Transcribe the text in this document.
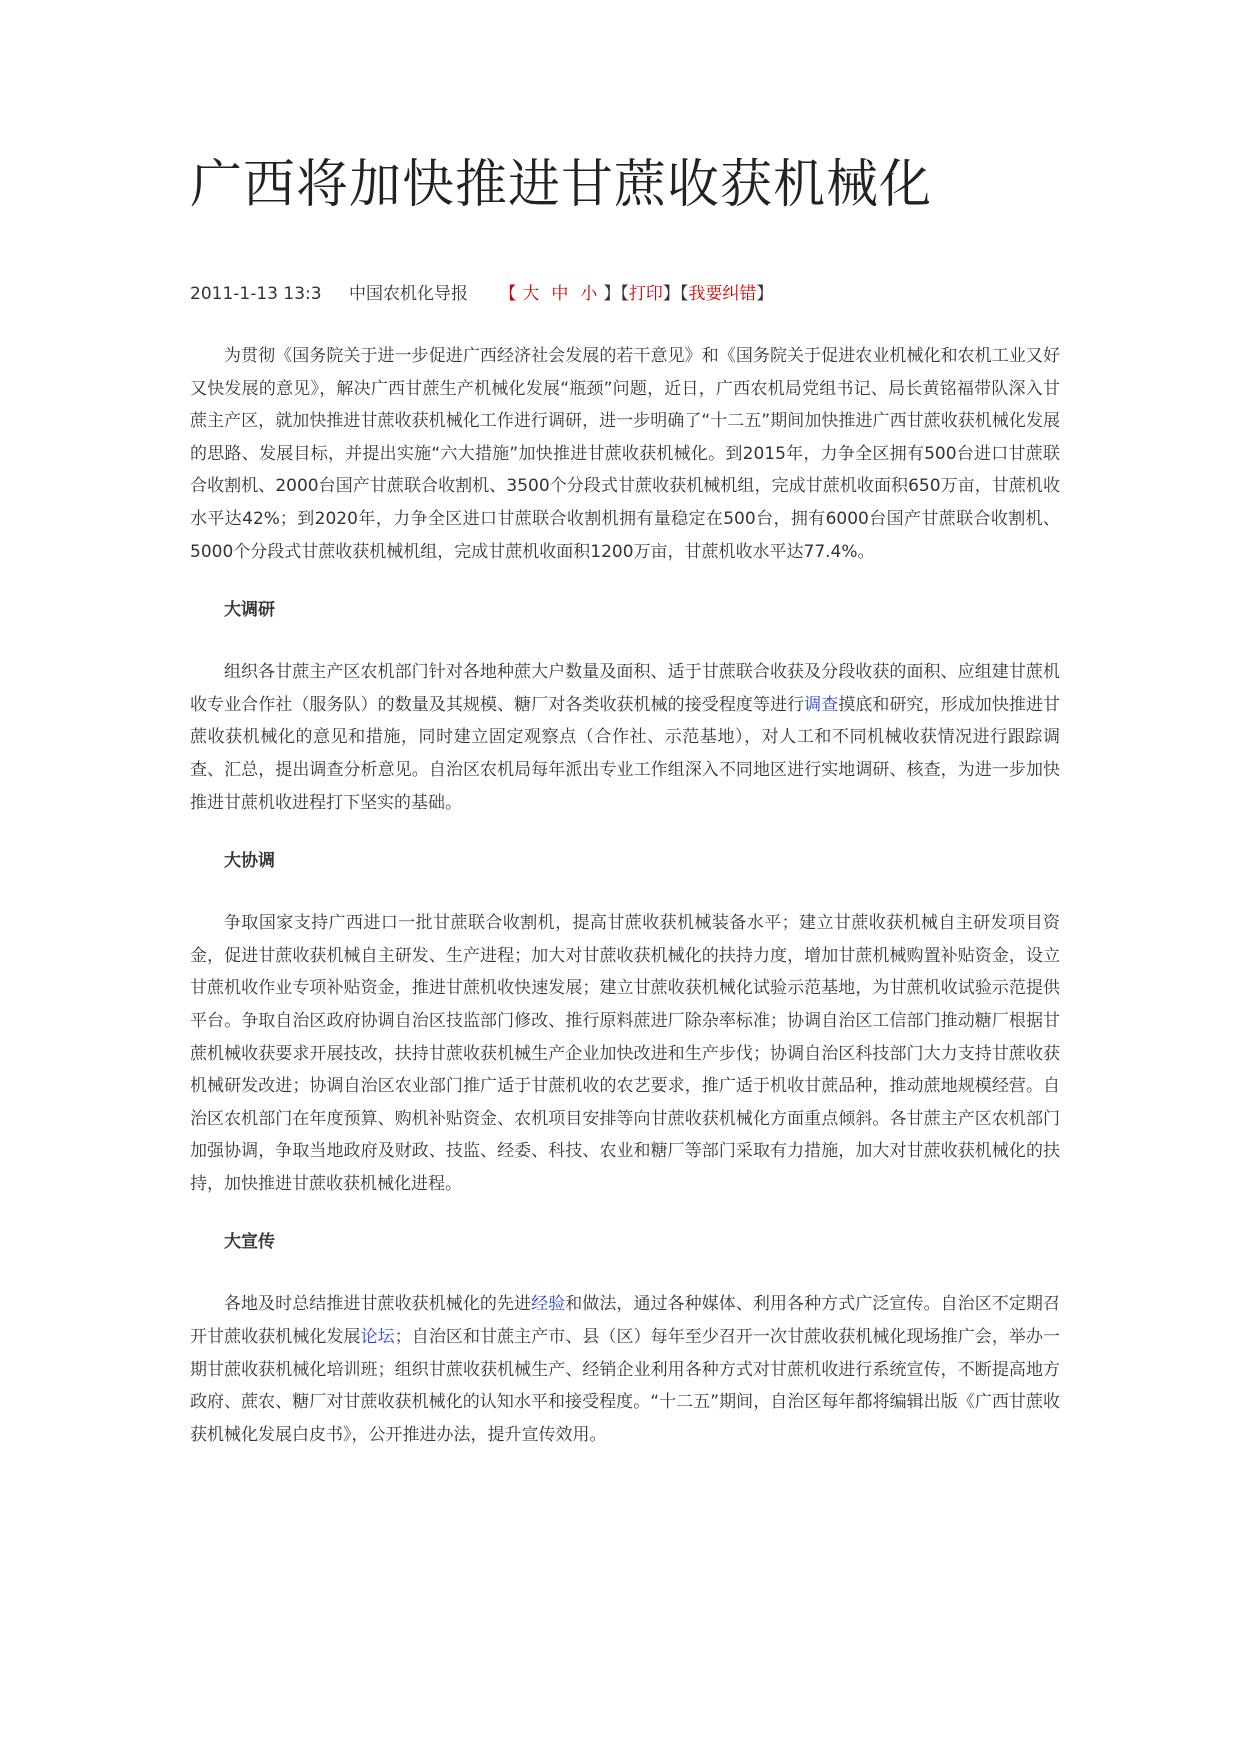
广西将加快推进甘蔗收获机械化
2011-1-13 13:3 中国农机化导报 【 大 中 小 】【打印】【我要纠错】

为贯彻《国务院关于进一步促进广西经济社会发展的若干意见》和《国务院关于促进农业机械化和农机工业又好又快发展的意见》，解决广西甘蔗生产机械化发展“瓶颈”问题，近日，广西农机局党组书记、局长黄铭福带队深入甘蔗主产区，就加快推进甘蔗收获机械化工作进行调研，进一步明确了“十二五”期间加快推进广西甘蔗收获机械化发展的思路、发展目标，并提出实施“六大措施”加快推进甘蔗收获机械化。到2015年，力争全区拥有500台进口甘蔗联合收割机、2000台国产甘蔗联合收割机、3500个分段式甘蔗收获机械机组，完成甘蔗机收面积650万亩，甘蔗机收水平达42%；到2020年，力争全区进口甘蔗联合收割机拥有量稳定在500台，拥有6000台国产甘蔗联合收割机、5000个分段式甘蔗收获机械机组，完成甘蔗机收面积1200万亩，甘蔗机收水平达77.4%。

大调研

组织各甘蔗主产区农机部门针对各地种蔗大户数量及面积、适于甘蔗联合收获及分段收获的面积、应组建甘蔗机收专业合作社（服务队）的数量及其规模、糖厂对各类收获机械的接受程度等进行调查摸底和研究，形成加快推进甘蔗收获机械化的意见和措施，同时建立固定观察点（合作社、示范基地），对人工和不同机械收获情况进行跟踪调查、汇总，提出调查分析意见。自治区农机局每年派出专业工作组深入不同地区进行实地调研、核查，为进一步加快推进甘蔗机收进程打下坚实的基础。

大协调

争取国家支持广西进口一批甘蔗联合收割机，提高甘蔗收获机械装备水平；建立甘蔗收获机械自主研发项目资金，促进甘蔗收获机械自主研发、生产进程；加大对甘蔗收获机械化的扶持力度，增加甘蔗机械购置补贴资金，设立甘蔗机收作业专项补贴资金，推进甘蔗机收快速发展；建立甘蔗收获机械化试验示范基地，为甘蔗机收试验示范提供平台。争取自治区政府协调自治区技监部门修改、推行原料蔗进厂除杂率标准；协调自治区工信部门推动糖厂根据甘蔗机械收获要求开展技改，扶持甘蔗收获机械生产企业加快改进和生产步伐；协调自治区科技部门大力支持甘蔗收获机械研发改进；协调自治区农业部门推广适于甘蔗机收的农艺要求，推广适于机收甘蔗品种，推动蔗地规模经营。自治区农机部门在年度预算、购机补贴资金、农机项目安排等向甘蔗收获机械化方面重点倾斜。各甘蔗主产区农机部门加强协调，争取当地政府及财政、技监、经委、科技、农业和糖厂等部门采取有力措施，加大对甘蔗收获机械化的扶持，加快推进甘蔗收获机械化进程。

大宣传

各地及时总结推进甘蔗收获机械化的先进经验和做法，通过各种媒体、利用各种方式广泛宣传。自治区不定期召开甘蔗收获机械化发展论坛；自治区和甘蔗主产市、县（区）每年至少召开一次甘蔗收获机械化现场推广会，举办一期甘蔗收获机械化培训班；组织甘蔗收获机械生产、经销企业利用各种方式对甘蔗机收进行系统宣传，不断提高地方政府、蔗农、糖厂对甘蔗收获机械化的认知水平和接受程度。“十二五”期间，自治区每年都将编辑出版《广西甘蔗收获机械化发展白皮书》，公开推进办法，提升宣传效用。
